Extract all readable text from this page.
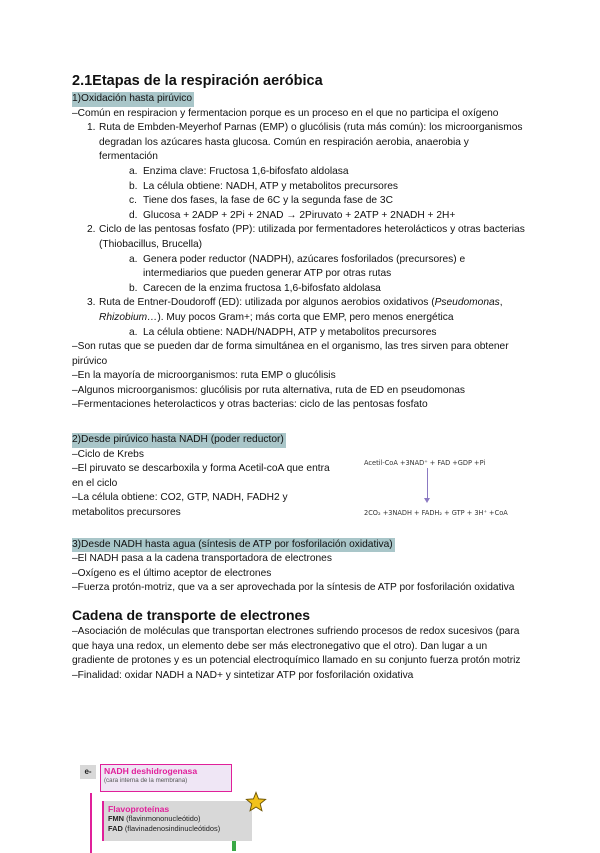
2.1Etapas de la respiración aeróbica
1)Oxidación hasta pirúvico

–Común en respiracion y fermentacion porque es un proceso en el que no participa el oxígeno

1. Ruta de Embden-Meyerhof Parnas (EMP) o glucólisis (ruta más común): los microorganismos degradan los azúcares hasta glucosa. Común en respiración aerobia, anaerobia y fermentación
a. Enzima clave: Fructosa 1,6-bifosfato aldolasa
b. La célula obtiene: NADH, ATP y metabolitos precursores
c. Tiene dos fases, la fase de 6C y la segunda fase de 3C
d. Glucosa + 2ADP + 2Pi + 2NAD → 2Piruvato + 2ATP + 2NADH + 2H+
2. Ciclo de las pentosas fosfato (PP): utilizada por fermentadores heterolácticos y otras bacterias (Thiobacillus, Brucella)
a. Genera poder reductor (NADPH), azúcares fosforilados (precursores) e intermediarios que pueden generar ATP por otras rutas
b. Carecen de la enzima fructosa 1,6-bifosfato aldolasa
3. Ruta de Entner-Doudoroff (ED): utilizada por algunos aerobios oxidativos (Pseudomonas, Rhizobium…). Muy pocos Gram+; más corta que EMP, pero menos energética
a. La célula obtiene: NADH/NADPH, ATP y metabolitos precursores

–Son rutas que se pueden dar de forma simultánea en el organismo, las tres sirven para obtener pirúvico

–En la mayoría de microorganismos: ruta EMP o glucólisis

–Algunos microorganismos: glucólisis por ruta alternativa, ruta de ED en pseudomonas

–Fermentaciones heterolacticos y otras bacterias: ciclo de las pentosas fosfato

2)Desde pirúvico hasta NADH (poder reductor)

–Ciclo de Krebs

–El piruvato se descarboxila y forma Acetil-coA que entra en el ciclo

–La célula obtiene: CO2, GTP, NADH, FADH2 y metabolitos precursores

Acetil-CoA +3NAD⁺ + FAD +GDP +Pi
2CO₂ +3NADH + FADH₂ + GTP + 3H⁺ +CoA
3)Desde NADH hasta agua (síntesis de ATP por fosforilación oxidativa)

–El NADH pasa a la cadena transportadora de electrones

–Oxígeno es el último aceptor de electrones

–Fuerza protón-motriz, que va a ser aprovechada por la síntesis de ATP por fosforilación oxidativa

Cadena de transporte de electrones

–Asociación de moléculas que transportan electrones sufriendo procesos de redox sucesivos (para que haya una redox, un elemento debe ser más electronegativo que el otro). Dan lugar a un gradiente de protones y es un potencial electroquímico llamado en su conjunto fuerza protón motriz

–Finalidad: oxidar NADH a NAD+ y sintetizar ATP por fosforilación oxidativa

e-	NADH deshidrogenasa
(cara interna de la membrana)
Flavoproteínas
FMN (flavinmononucleótido)
FAD (flavinadenosindinucleótidos)
